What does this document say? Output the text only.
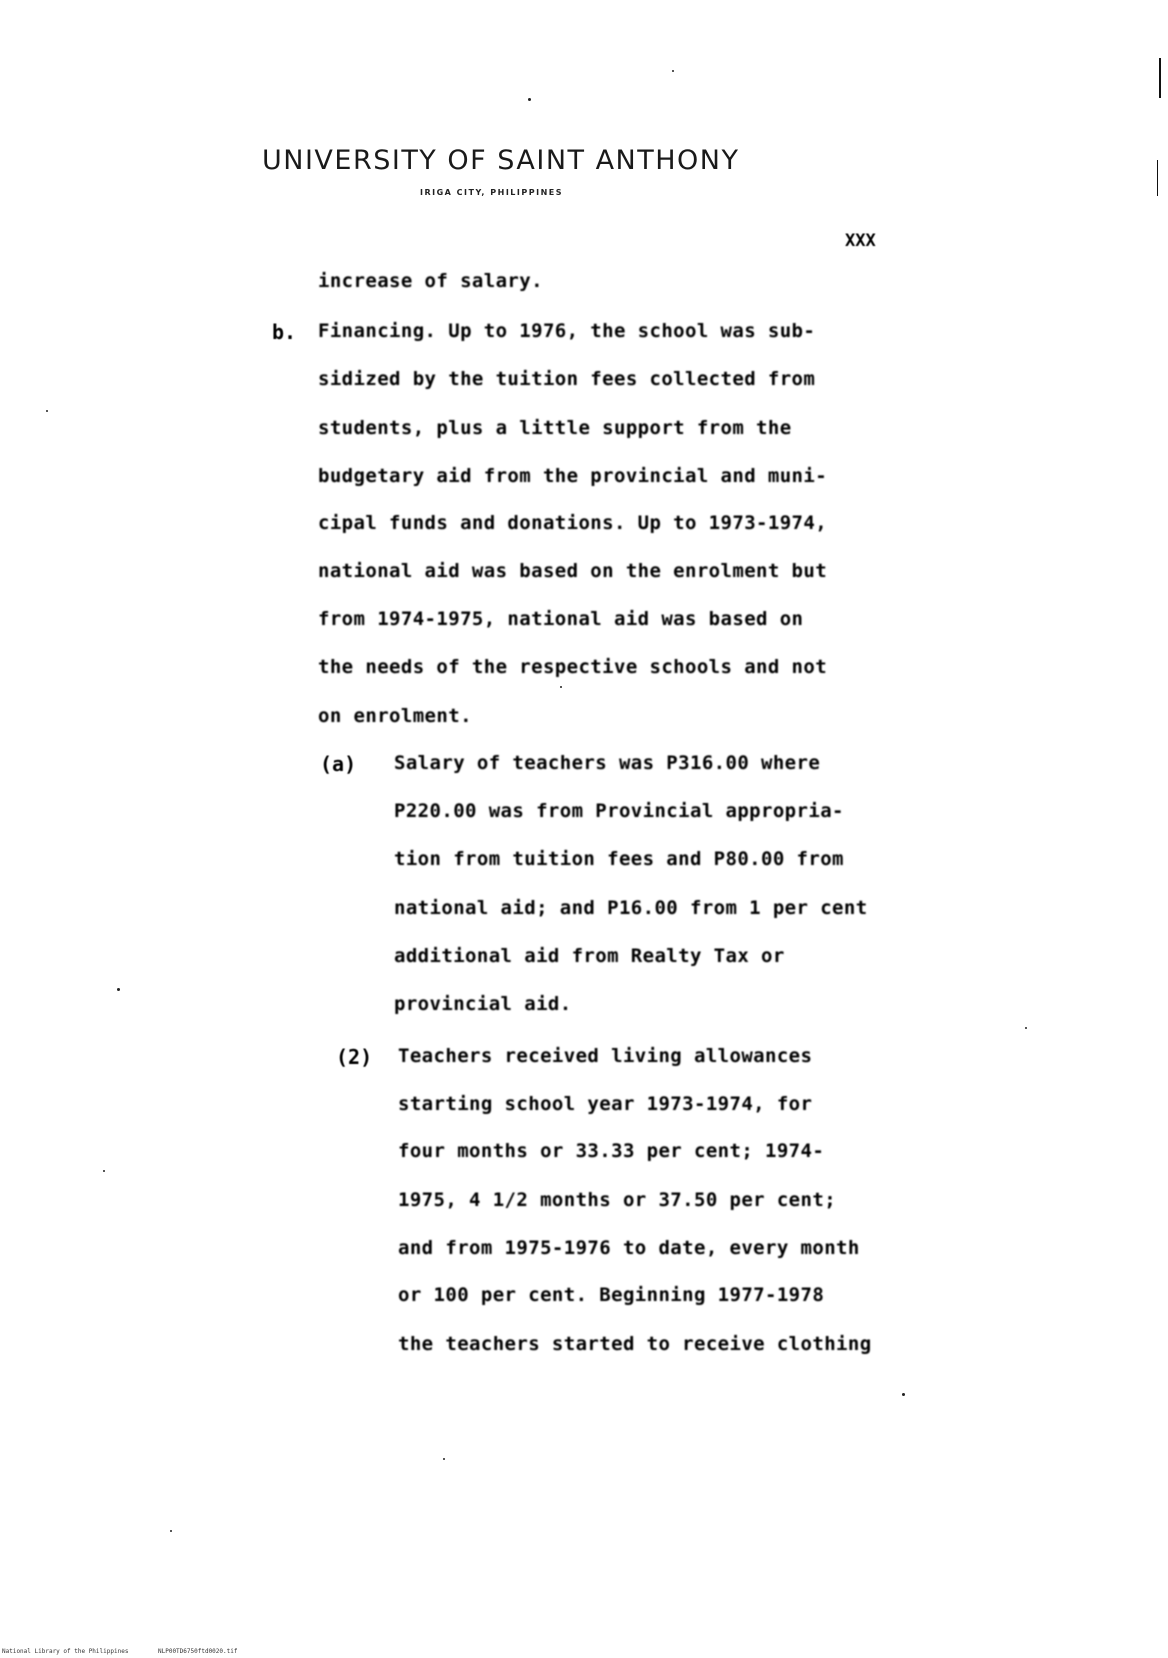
UNIVERSITY OF SAINT ANTHONY
IRIGA CITY, PHILIPPINES
XXX
b.
(a)
(2)
increase of salary.
Financing. Up to 1976, the school was sub-
sidized by the tuition fees collected from
students, plus a little support from the
budgetary aid from the provincial and muni-
cipal funds and donations. Up to 1973-1974,
national aid was based on the enrolment but
from 1974-1975, national aid was based on
the needs of the respective schools and not
on enrolment.
Salary of teachers was P316.00 where
P220.00 was from Provincial appropria-
tion from tuition fees and P80.00 from
national aid; and P16.00 from 1 per cent
additional aid from Realty Tax or
provincial aid.
Teachers received living allowances
starting school year 1973-1974, for
four months or 33.33 per cent; 1974-
1975, 4 1/2 months or 37.50 per cent;
and from 1975-1976 to date, every month
or 100 per cent. Beginning 1977-1978
the teachers started to receive clothing
National Library of the Philippines	NLP00TD6750ftd0020.tif
